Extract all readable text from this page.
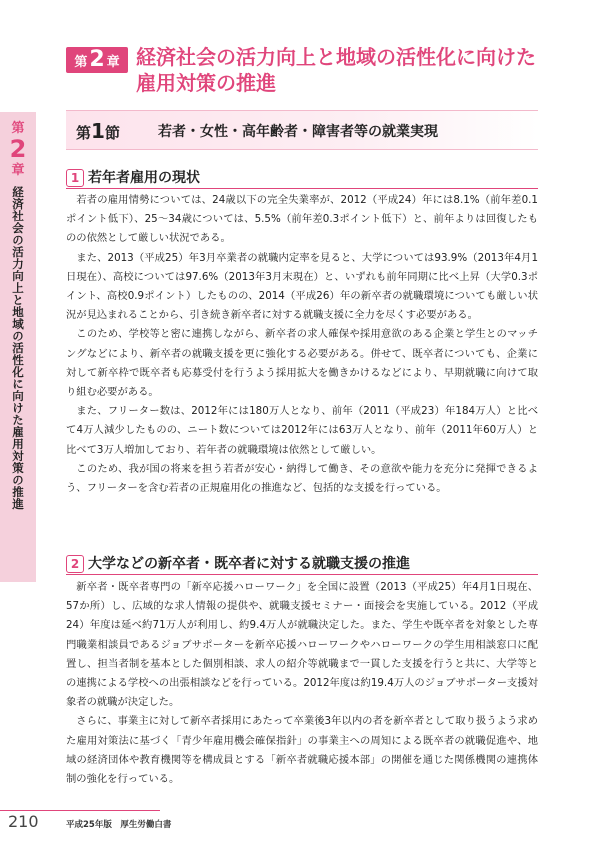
第
2
章
経済社会の活力向上と地域の活性化に向けた雇用対策の推進
第 2 章 経済社会の活力向上と地域の活性化に向けた雇用対策の推進
第1節	若者・女性・高年齢者・障害者等の就業実現
1 若年者雇用の現状

若者の雇用情勢については、24歳以下の完全失業率が、2012（平成24）年には8.1%（前年差0.1ポイント低下）、25～34歳については、5.5%（前年差0.3ポイント低下）と、前年よりは回復したものの依然として厳しい状況である。

また、2013（平成25）年3月卒業者の就職内定率を見ると、大学については93.9%（2013年4月1日現在）、高校については97.6%（2013年3月末現在）と、いずれも前年同期に比べ上昇（大学0.3ポイント、高校0.9ポイント）したものの、2014（平成26）年の新卒者の就職環境についても厳しい状況が見込まれることから、引き続き新卒者に対する就職支援に全力を尽くす必要がある。

このため、学校等と密に連携しながら、新卒者の求人確保や採用意欲のある企業と学生とのマッチングなどにより、新卒者の就職支援を更に強化する必要がある。併せて、既卒者についても、企業に対して新卒枠で既卒者も応募受付を行うよう採用拡大を働きかけるなどにより、早期就職に向けて取り組む必要がある。

また、フリーター数は、2012年には180万人となり、前年（2011（平成23）年184万人）と比べて4万人減少したものの、ニート数については2012年には63万人となり、前年（2011年60万人）と比べて3万人増加しており、若年者の就職環境は依然として厳しい。

このため、我が国の将来を担う若者が安心・納得して働き、その意欲や能力を充分に発揮できるよう、フリーターを含む若者の正規雇用化の推進など、包括的な支援を行っている。

2 大学などの新卒者・既卒者に対する就職支援の推進

新卒者・既卒者専門の「新卒応援ハローワーク」を全国に設置（2013（平成25）年4月1日現在、57か所）し、広域的な求人情報の提供や、就職支援セミナー・面接会を実施している。2012（平成24）年度は延べ約71万人が利用し、約9.4万人が就職決定した。また、学生や既卒者を対象とした専門職業相談員であるジョブサポーターを新卒応援ハローワークやハローワークの学生用相談窓口に配置し、担当者制を基本とした個別相談、求人の紹介等就職まで一貫した支援を行うと共に、大学等との連携による学校への出張相談などを行っている。2012年度は約19.4万人のジョブサポーター支援対象者の就職が決定した。

さらに、事業主に対して新卒者採用にあたって卒業後3年以内の者を新卒者として取り扱うよう求めた雇用対策法に基づく「青少年雇用機会確保指針」の事業主への周知による既卒者の就職促進や、地域の経済団体や教育機関等を構成員とする「新卒者就職応援本部」の開催を通じた関係機関の連携体制の強化を行っている。

210	平成25年版　厚生労働白書
